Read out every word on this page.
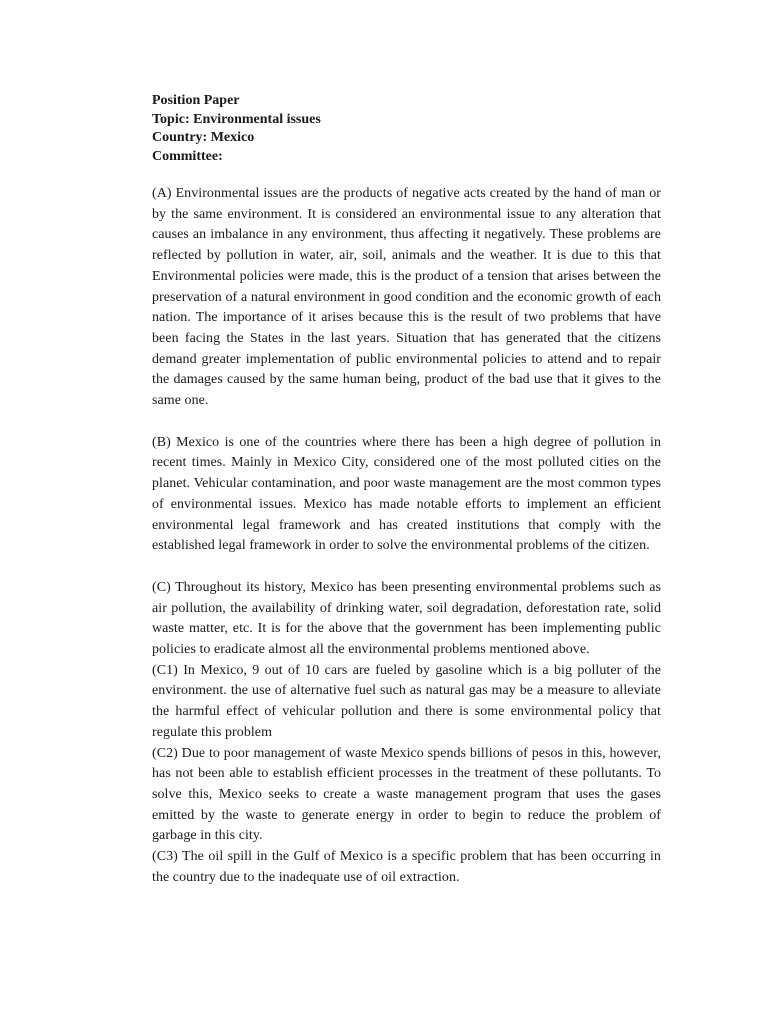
Position Paper

Topic: Environmental issues

Country: Mexico

Committee:

(A) Environmental issues are the products of negative acts created by the hand of man or by the same environment. It is considered an environmental issue to any alteration that causes an imbalance in any environment, thus affecting it negatively. These problems are reflected by pollution in water, air, soil, animals and the weather. It is due to this that Environmental policies were made, this is the product of a tension that arises between the preservation of a natural environment in good condition and the economic growth of each nation. The importance of it arises because this is the result of two problems that have been facing the States in the last years. Situation that has generated that the citizens demand greater implementation of public environmental policies to attend and to repair the damages caused by the same human being, product of the bad use that it gives to the same one.

(B) Mexico is one of the countries where there has been a high degree of pollution in recent times. Mainly in Mexico City, considered one of the most polluted cities on the planet. Vehicular contamination, and poor waste management are the most common types of environmental issues. Mexico has made notable efforts to implement an efficient environmental legal framework and has created institutions that comply with the established legal framework in order to solve the environmental problems of the citizen.

(C) Throughout its history, Mexico has been presenting environmental problems such as air pollution, the availability of drinking water, soil degradation, deforestation rate, solid waste matter, etc. It is for the above that the government has been implementing public policies to eradicate almost all the environmental problems mentioned above.

(C1) In Mexico, 9 out of 10 cars are fueled by gasoline which is a big polluter of the environment. the use of alternative fuel such as natural gas may be a measure to alleviate the harmful effect of vehicular pollution and there is some environmental policy that regulate this problem

(C2) Due to poor management of waste Mexico spends billions of pesos in this, however, has not been able to establish efficient processes in the treatment of these pollutants. To solve this, Mexico seeks to create a waste management program that uses the gases emitted by the waste to generate energy in order to begin to reduce the problem of garbage in this city.

(C3) The oil spill in the Gulf of Mexico is a specific problem that has been occurring in the country due to the inadequate use of oil extraction.
